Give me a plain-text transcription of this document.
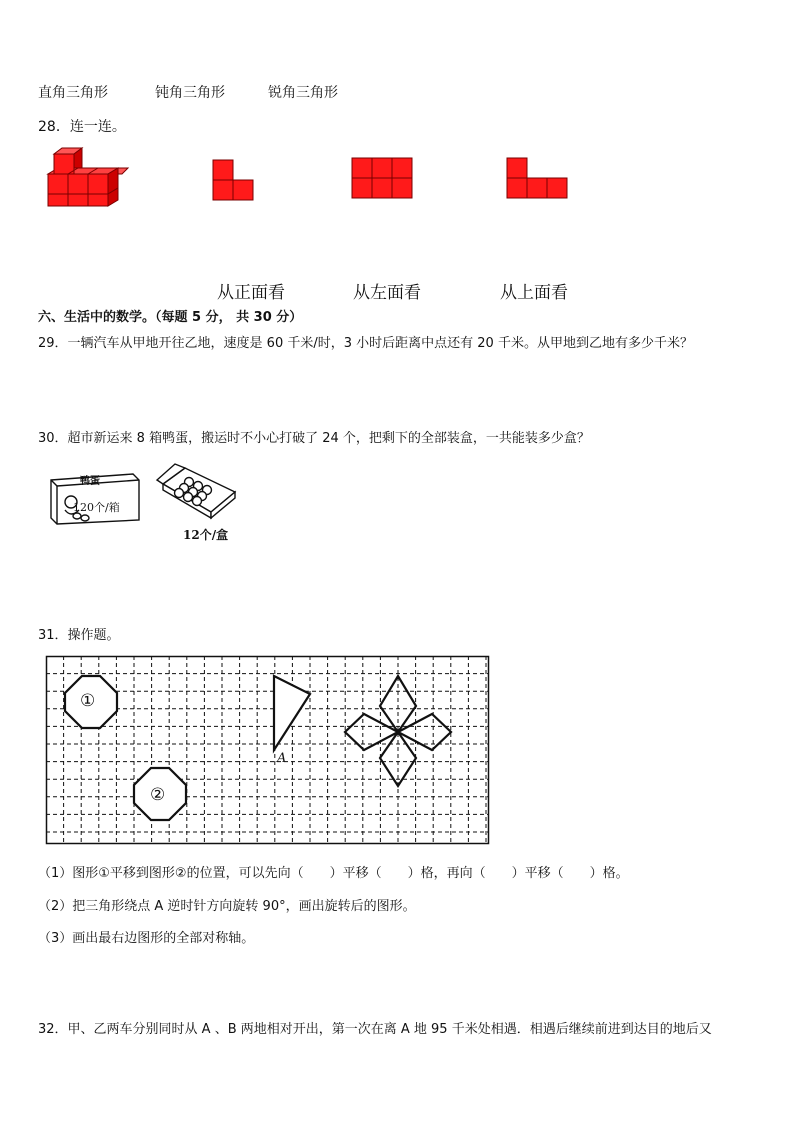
直角三角形	钝角三角形	锐角三角形
28．连一连。
从正面看	从左面看	从上面看
六、生活中的数学。（每题 5 分， 共 30 分）
29．一辆汽车从甲地开往乙地，速度是 60 千米/时，3 小时后距离中点还有 20 千米。从甲地到乙地有多少千米？
30．超市新运来 8 箱鸭蛋，搬运时不小心打破了 24 个，把剩下的全部装盒，一共能装多少盒？
鸭蛋
120个/箱
12个/盒
31．操作题。
①
②
A
（1）图形①平移到图形②的位置，可以先向（　　）平移（　　）格，再向（　　）平移（　　）格。
（2）把三角形绕点 A 逆时针方向旋转 90°，画出旋转后的图形。
（3）画出最右边图形的全部对称轴。
32．甲、乙两车分别同时从 A 、B 两地相对开出，第一次在离 A 地 95 千米处相遇．相遇后继续前进到达目的地后又
